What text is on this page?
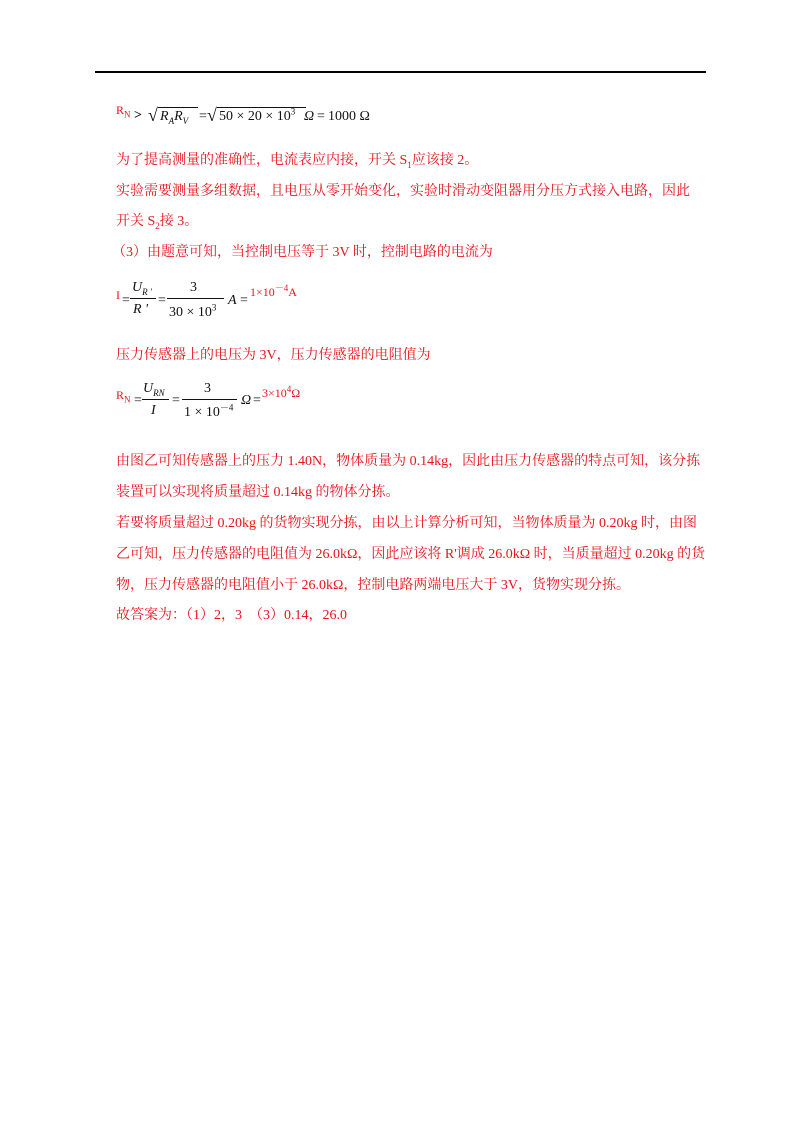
$R_N$ > √ $R_AR_V$ = √ $50 \times 20 \times 10^3$ Ω = 1000 Ω
为了提高测量的准确性，电流表应内接，开关 $S_1$应该接 2。
实验需要测量多组数据，且电压从零开始变化，实验时滑动变阻器用分压方式接入电路，因此
开关 $S_2$接 3。
（3）由题意可知，当控制电压等于 3V 时，控制电路的电流为
I =
$U_{R '}$
R '
=
3
$30 \times 10^3$ A =
$1\times 10^{-4}A$
压力传感器上的电压为 3V，压力传感器的电阻值为
$R_N$ =
$U_{RN}$
I
=
3
$1 \times 10^{-4}$ $\Omega = 3\times 10^4\Omega$
由图乙可知传感器上的压力 1.40N，物体质量为 0.14kg，因此由压力传感器的特点可知，该分拣
装置可以实现将质量超过 0.14kg 的物体分拣。
若要将质量超过 0.20kg 的货物实现分拣，由以上计算分析可知，当物体质量为 0.20kg 时，由图
乙可知，压力传感器的电阻值为 26.0kΩ，因此应该将 R'调成 26.0kΩ 时，当质量超过 0.20kg 的货
物，压力传感器的电阻值小于 26.0kΩ，控制电路两端电压大于 3V，货物实现分拣。
故答案为：（1）2，3　（3）0.14，26.0
